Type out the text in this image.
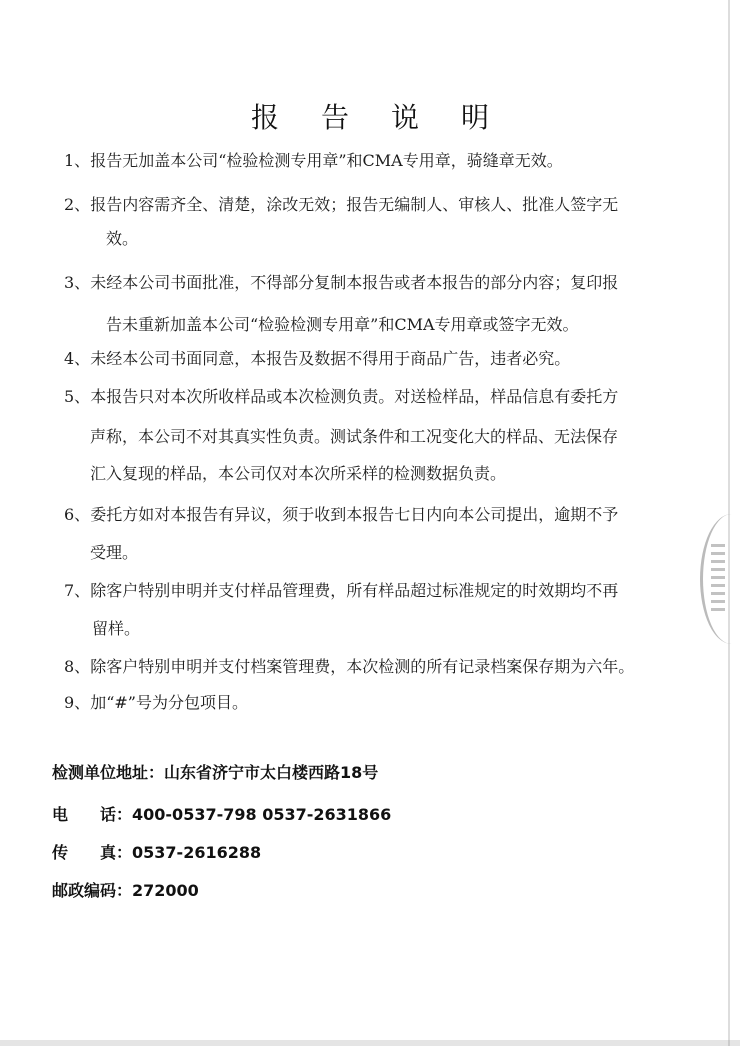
报 告 说 明
1、报告无加盖本公司“检验检测专用章”和CMA专用章，骑缝章无效。
2、报告内容需齐全、清楚，涂改无效；报告无编制人、审核人、批准人签字无
效。
3、未经本公司书面批准，不得部分复制本报告或者本报告的部分内容；复印报
告未重新加盖本公司“检验检测专用章”和CMA专用章或签字无效。
4、未经本公司书面同意，本报告及数据不得用于商品广告，违者必究。
5、本报告只对本次所收样品或本次检测负责。对送检样品，样品信息有委托方
声称，本公司不对其真实性负责。测试条件和工况变化大的样品、无法保存
汇入复现的样品，本公司仅对本次所采样的检测数据负责。
6、委托方如对本报告有异议，须于收到本报告七日内向本公司提出，逾期不予
受理。
7、除客户特别申明并支付样品管理费，所有样品超过标准规定的时效期均不再
留样。
8、除客户特别申明并支付档案管理费，本次检测的所有记录档案保存期为六年。
9、加“#”号为分包项目。
检测单位地址：山东省济宁市太白楼西路18号
电　　话：400-0537-798 0537-2631866
传　　真：0537-2616288
邮政编码：272000
